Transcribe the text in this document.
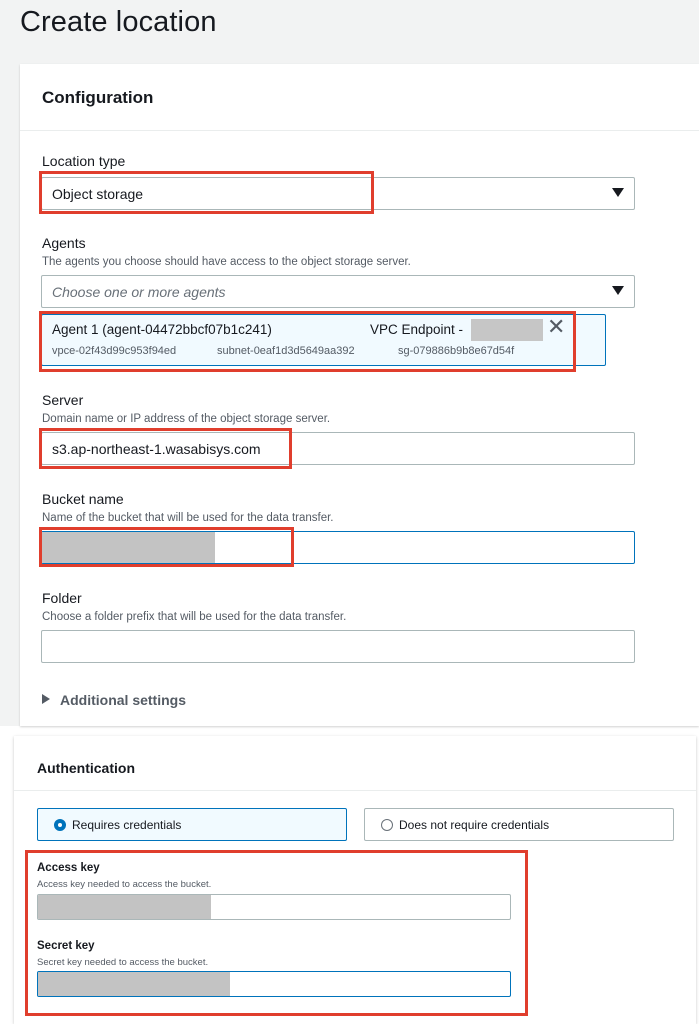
Create location
Configuration
Location type
Object storage
Agents
The agents you choose should have access to the object storage server.
Choose one or more agents
Agent 1 (agent-04472bbcf07b1c241)	VPC Endpoint -	✕
vpce-02f43d99c953f94ed	subnet-0eaf1d3d5649aa392	sg-079886b9b8e67d54f
Server
Domain name or IP address of the object storage server.
s3.ap-northeast-1.wasabisys.com
Bucket name
Name of the bucket that will be used for the data transfer.
Folder
Choose a folder prefix that will be used for the data transfer.
Additional settings
Authentication
Requires credentials	Does not require credentials
Access key
Access key needed to access the bucket.
Secret key
Secret key needed to access the bucket.
